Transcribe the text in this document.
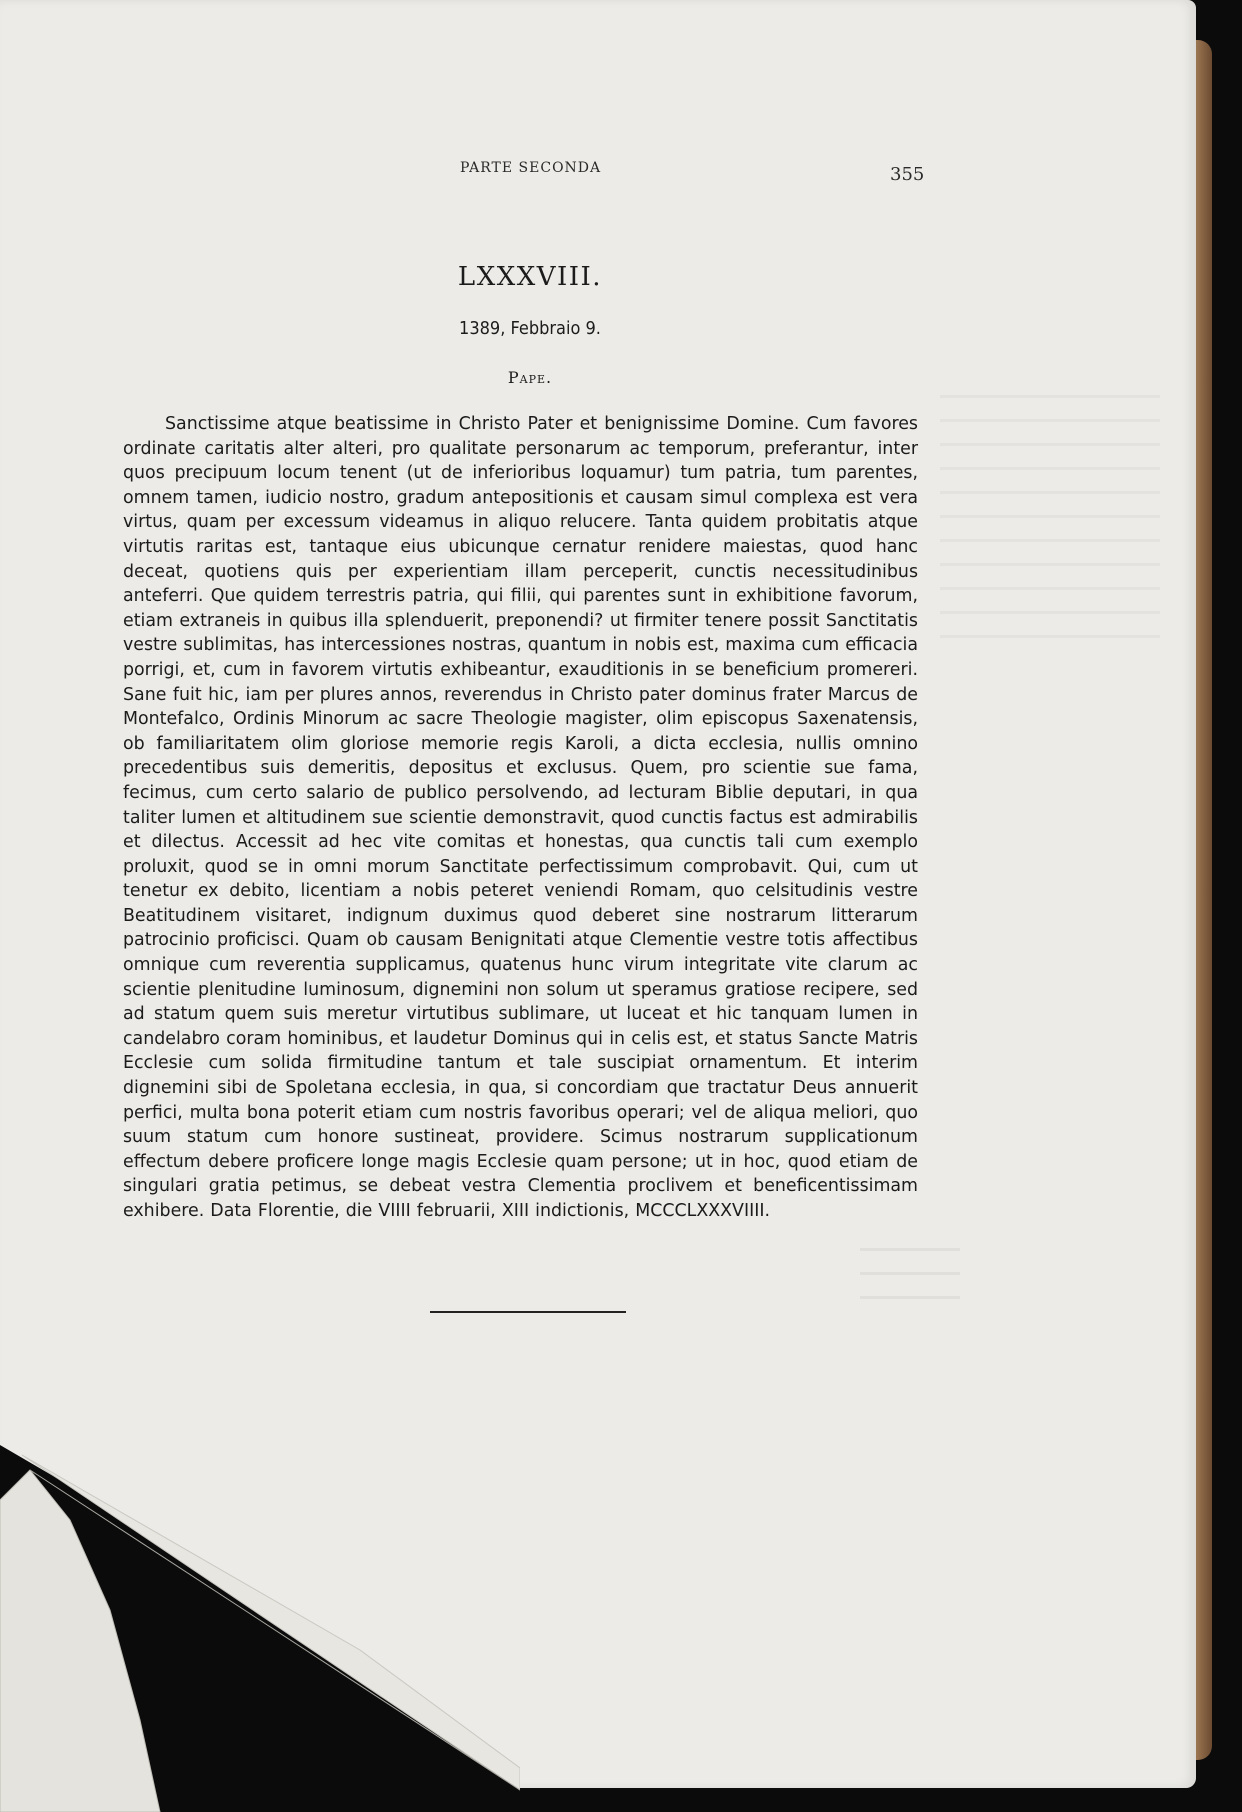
PARTE SECONDA	355
LXXXVIII.
1389, Febbraio 9.
Pape.

Sanctissime atque beatissime in Christo Pater et benignissime Domine. Cum favores ordinate caritatis alter alteri, pro qualitate personarum ac temporum, preferantur, inter quos precipuum locum tenent (ut de inferioribus loquamur) tum patria, tum parentes, omnem tamen, iudicio nostro, gradum antepositionis et causam simul complexa est vera virtus, quam per excessum videamus in aliquo relucere. Tanta quidem probitatis atque virtutis raritas est, tantaque eius ubicunque cernatur renidere maiestas, quod hanc deceat, quotiens quis per experientiam illam perceperit, cunctis necessitudinibus anteferri. Que quidem terrestris patria, qui filii, qui parentes sunt in exhibitione favorum, etiam extraneis in quibus illa splenduerit, preponendi? ut firmiter tenere possit Sanctitatis vestre sublimitas, has intercessiones nostras, quantum in nobis est, maxima cum efficacia porrigi, et, cum in favorem virtutis exhibeantur, exauditionis in se beneficium promereri. Sane fuit hic, iam per plures annos, reverendus in Christo pater dominus frater Marcus de Montefalco, Ordinis Minorum ac sacre Theologie magister, olim episcopus Saxenatensis, ob familiaritatem olim gloriose memorie regis Karoli, a dicta ecclesia, nullis omnino precedentibus suis demeritis, depositus et exclusus. Quem, pro scientie sue fama, fecimus, cum certo salario de publico persolvendo, ad lecturam Biblie deputari, in qua taliter lumen et altitudinem sue scientie demonstravit, quod cunctis factus est admirabilis et dilectus. Accessit ad hec vite comitas et honestas, qua cunctis tali cum exemplo proluxit, quod se in omni morum Sanctitate perfectissimum comprobavit. Qui, cum ut tenetur ex debito, licentiam a nobis peteret veniendi Romam, quo celsitudinis vestre Beatitudinem visitaret, indignum duximus quod deberet sine nostrarum litterarum patrocinio proficisci. Quam ob causam Benignitati atque Clementie vestre totis affectibus omnique cum reverentia supplicamus, quatenus hunc virum integritate vite clarum ac scientie plenitudine luminosum, dignemini non solum ut speramus gratiose recipere, sed ad statum quem suis meretur virtutibus sublimare, ut luceat et hic tanquam lumen in candelabro coram hominibus, et laudetur Dominus qui in celis est, et status Sancte Matris Ecclesie cum solida firmitudine tantum et tale suscipiat ornamentum. Et interim dignemini sibi de Spoletana ecclesia, in qua, si concordiam que tractatur Deus annuerit perfici, multa bona poterit etiam cum nostris favoribus operari; vel de aliqua meliori, quo suum statum cum honore sustineat, providere. Scimus nostrarum supplicationum effectum debere proficere longe magis Ecclesie quam persone; ut in hoc, quod etiam de singulari gratia petimus, se debeat vestra Clementia proclivem et beneficentissimam exhibere. Data Florentie, die VIIII februarii, XIII indictionis, MCCCLXXXVIIII.
